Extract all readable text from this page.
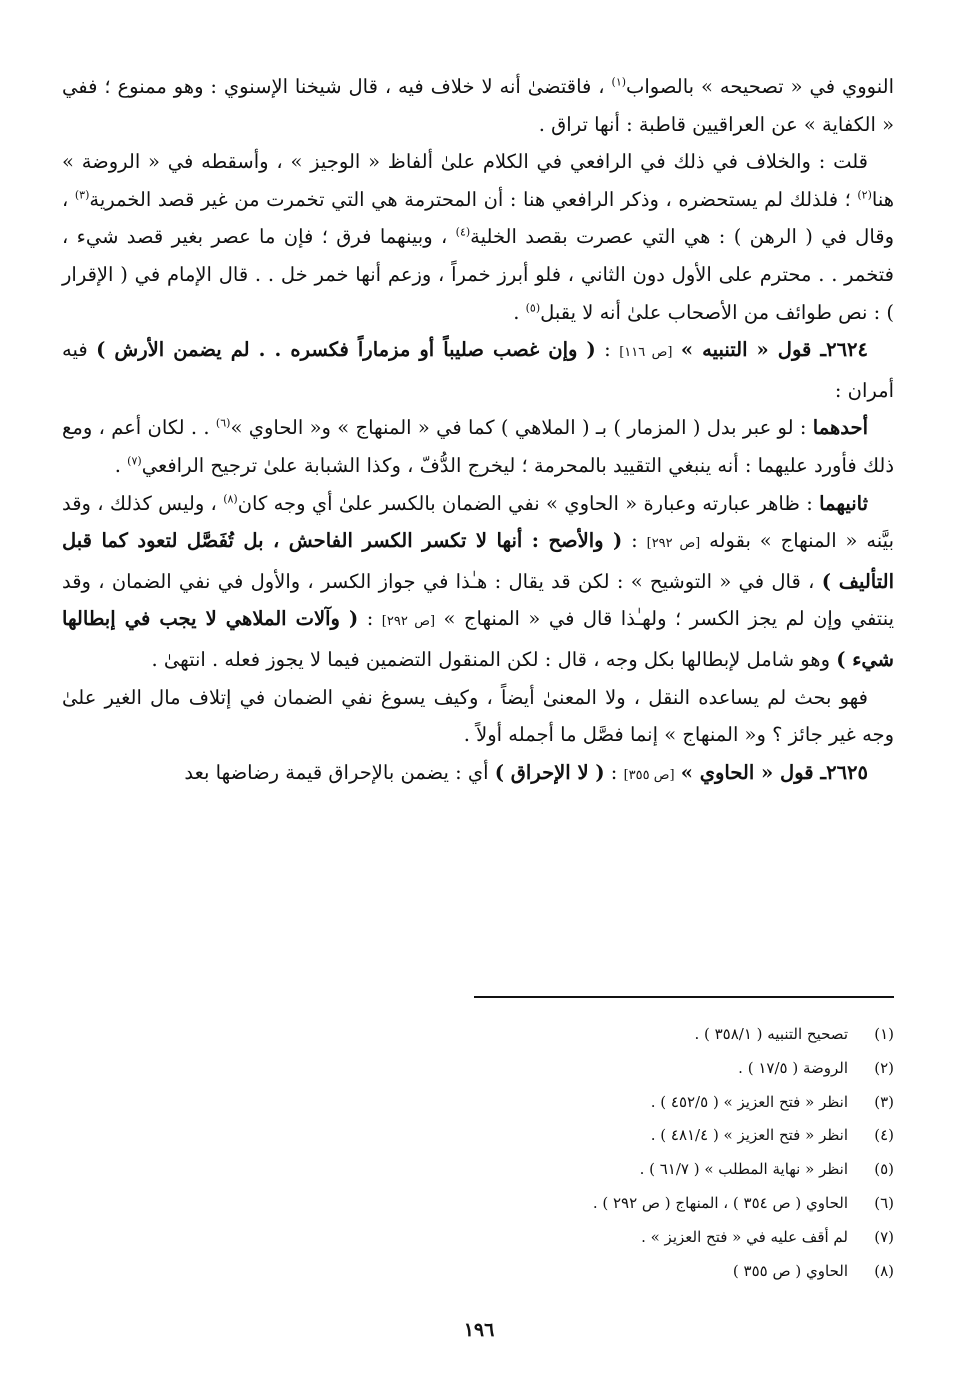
النووي في « تصحيحه » بالصواب$^{(١)}$ ، فاقتضىٰ أنه لا خلاف فيه ، قال شيخنا الإسنوي : وهو ممنوع ؛ ففي « الكفاية » عن العراقيين قاطبة : أنها تراق .

قلت : والخلاف في ذلك في الرافعي في الكلام علىٰ ألفاظ « الوجيز » ، وأسقطه في « الروضة » هنا$^{(٢)}$ ؛ فلذلك لم يستحضره ، وذكر الرافعي هنا : أن المحترمة هي التي تخمرت من غير قصد الخمرية$^{(٣)}$ ، وقال في ( الرهن ) : هي التي عصرت بقصد الخلية$^{(٤)}$ ، وبينهما فرق ؛ فإن ما عصر بغير قصد شيء ، فتخمر . . محترم على الأول دون الثاني ، فلو أبرز خمراً ، وزعم أنها خمر خل . . قال الإمام في ( الإقرار ) : نص طوائف من الأصحاب علىٰ أنه لا يقبل$^{(٥)}$ .

٢٦٢٤ـ قول « التنبيه » [ص ١١٦] : ( وإن غصب صليباً أو مزماراً فكسره . . لم يضمن الأرش ) فيه أمران :

أحدهما : لو عبر بدل ( المزمار ) بـ ( الملاهي ) كما في « المنهاج » و« الحاوي »$^{(٦)}$ . . لكان أعم ، ومع ذلك فأورد عليهما : أنه ينبغي التقييد بالمحرمة ؛ ليخرج الدُّفّ ، وكذا الشبابة علىٰ ترجيح الرافعي$^{(٧)}$ .

ثانيهما : ظاهر عبارته وعبارة « الحاوي » نفي الضمان بالكسر علىٰ أي وجه كان$^{(٨)}$ ، وليس كذلك ، وقد بيَّنه « المنهاج » بقوله [ص ٢٩٢] : ( والأصح : أنها لا تكسر الكسر الفاحش ، بل تُفَصَّل لتعود كما قبل التأليف ) ، قال في « التوشيح » : لكن قد يقال : هـٰذا في جواز الكسر ، والأول في نفي الضمان ، وقد ينتفي وإن لم يجز الكسر ؛ ولهـٰذا قال في « المنهاج » [ص ٢٩٢] : ( وآلات الملاهي لا يجب في إبطالها شيء ) وهو شامل لإبطالها بكل وجه ، قال : لكن المنقول التضمين فيما لا يجوز فعله . انتهىٰ .

فهو بحث لم يساعده النقل ، ولا المعنىٰ أيضاً ، وكيف يسوغ نفي الضمان في إتلاف مال الغير علىٰ وجه غير جائز ؟ و« المنهاج » إنما فصَّل ما أجمله أولاً .

٢٦٢٥ـ قول « الحاوي » [ص ٣٥٥] : ( لا الإحراق ) أي : يضمن بالإحراق قيمة رضاضها بعد

(١)تصحيح التنبيه ( ٣٥٨/١ ) .

(٢)الروضة ( ١٧/٥ ) .

(٣)انظر « فتح العزيز » ( ٤٥٢/٥ ) .

(٤)انظر « فتح العزيز » ( ٤٨١/٤ ) .

(٥)انظر « نهاية المطلب » ( ٦١/٧ ) .

(٦)الحاوي ( ص ٣٥٤ ) ، المنهاج ( ص ٢٩٢ ) .

(٧)لم أقف عليه في « فتح العزيز » .

(٨)الحاوي ( ص ٣٥٥ )

١٩٦
